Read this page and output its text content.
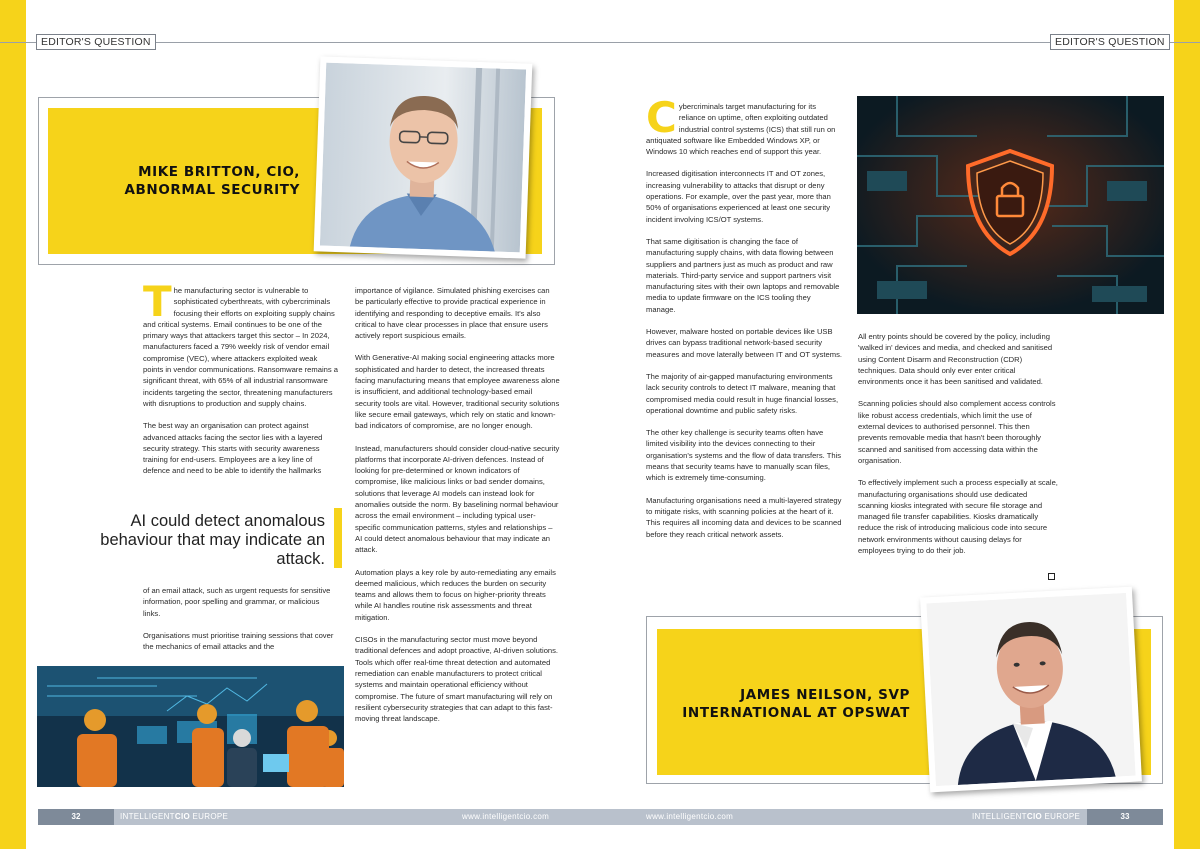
EDITOR'S QUESTION	EDITOR'S QUESTION
MIKE BRITTON, CIO,
ABNORMAL SECURITY
T he manufacturing sector is vulnerable to sophisticated cyberthreats, with cybercriminals focusing their efforts on exploiting supply chains and critical systems. Email continues to be one of the primary ways that attackers target this sector – In 2024, manufacturers faced a 79% weekly risk of vendor email compromise (VEC), where attackers exploited weak points in vendor communications. Ransomware remains a significant threat, with 65% of all industrial ransomware incidents targeting the sector, threatening manufacturers with disruptions to production and supply chains.

The best way an organisation can protect against advanced attacks facing the sector lies with a layered security strategy. This starts with security awareness training for end-users. Employees are a key line of defence and need to be able to identify the hallmarks

AI could detect anomalous behaviour that may indicate an attack.

of an email attack, such as urgent requests for sensitive information, poor spelling and grammar, or malicious links.

Organisations must prioritise training sessions that cover the mechanics of email attacks and the

importance of vigilance. Simulated phishing exercises can be particularly effective to provide practical experience in identifying and responding to deceptive emails. It's also critical to have clear processes in place that ensure users actively report suspicious emails.

With Generative-AI making social engineering attacks more sophisticated and harder to detect, the increased threats facing manufacturing means that employee awareness alone is insufficient, and additional technology-based email security tools are vital. However, traditional security solutions like secure email gateways, which rely on static and known-bad indicators of compromise, are no longer enough.

Instead, manufacturers should consider cloud-native security platforms that incorporate AI-driven defences. Instead of looking for pre-determined or known indicators of compromise, like malicious links or bad sender domains, solutions that leverage AI models can instead look for anomalies outside the norm. By baselining normal behaviour across the email environment – including typical user-specific communication patterns, styles and relationships – AI could detect anomalous behaviour that may indicate an attack.

Automation plays a key role by auto-remediating any emails deemed malicious, which reduces the burden on security teams and allows them to focus on higher-priority threats while AI handles routine risk assessments and threat mitigation.

CISOs in the manufacturing sector must move beyond traditional defences and adopt proactive, AI-driven solutions. Tools which offer real-time threat detection and automated remediation can enable manufacturers to protect critical systems and maintain operational efficiency without compromise. The future of smart manufacturing will rely on resilient cybersecurity strategies that can adapt to this fast-moving threat landscape.

C ybercriminals target manufacturing for its reliance on uptime, often exploiting outdated industrial control systems (ICS) that still run on antiquated software like Embedded Windows XP, or Windows 10 which reaches end of support this year.

Increased digitisation interconnects IT and OT zones, increasing vulnerability to attacks that disrupt or deny operations. For example, over the past year, more than 50% of organisations experienced at least one security incident involving ICS/OT systems.

That same digitisation is changing the face of manufacturing supply chains, with data flowing between suppliers and partners just as much as product and raw materials. Third-party service and support partners visit manufacturing sites with their own laptops and removable media to update firmware on the ICS tooling they manage.

However, malware hosted on portable devices like USB drives can bypass traditional network-based security measures and move laterally between IT and OT systems.

The majority of air-gapped manufacturing environments lack security controls to detect IT malware, meaning that compromised media could result in huge financial losses, operational downtime and public safety risks.

The other key challenge is security teams often have limited visibility into the devices connecting to their organisation's systems and the flow of data transfers. This means that security teams have to manually scan files, which is extremely time-consuming.

Manufacturing organisations need a multi-layered strategy to mitigate risks, with scanning policies at the heart of it. This requires all incoming data and devices to be scanned before they reach critical network assets.

All entry points should be covered by the policy, including 'walked in' devices and media, and checked and sanitised using Content Disarm and Reconstruction (CDR) techniques. Data should only ever enter critical environments once it has been sanitised and validated.

Scanning policies should also complement access controls like robust access credentials, which limit the use of external devices to authorised personnel. This then prevents removable media that hasn't been thoroughly scanned and sanitised from accessing data within the organisation.

To effectively implement such a process especially at scale, manufacturing organisations should use dedicated scanning kiosks integrated with secure file storage and managed file transfer capabilities. Kiosks dramatically reduce the risk of introducing malicious code into secure network environments without causing delays for employees trying to do their job.

JAMES NEILSON, SVP
INTERNATIONAL AT OPSWAT
32	33
INTELLIGENTCIO EUROPE	www.intelligentcio.com	www.intelligentcio.com	INTELLIGENTCIO EUROPE
